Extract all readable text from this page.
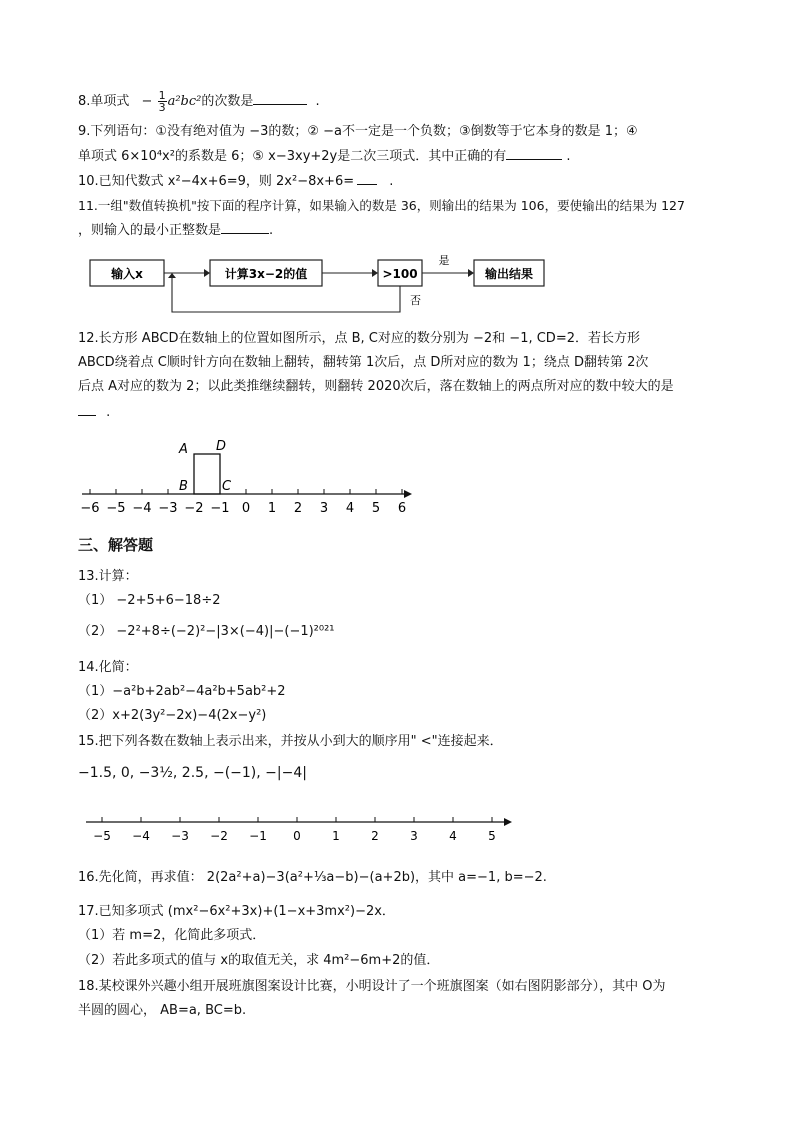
8.单项式 − $\frac{1}{3} a^2bc^2$的次数是	.
9.下列语句：①没有绝对值为 −3的数；② −a不一定是一个负数；③倒数等于它本身的数是 1；④
单项式 6×10⁴x²的系数是 6；⑤ x−3xy+2y是二次三项式．其中正确的有	.
10.已知代数式 x²−4x+6=9，则 2x²−8x+6=	.
11.一组"数值转换机"按下面的程序计算，如果输入的数是 36，则输出的结果为 106，要使输出的结果为 127
，则输入的最小正整数是	.
输入x	计算3x−2的值	>100
是
输出结果
否
12.长方形 ABCD在数轴上的位置如图所示，点 B, C对应的数分别为 −2和 −1, CD=2．若长方形
ABCD绕着点 C顺时针方向在数轴上翻转，翻转第 1次后，点 D所对应的数为 1；绕点 D翻转第 2次
后点 A对应的数为 2；以此类推继续翻转，则翻转 2020次后，落在数轴上的两点所对应的数中较大的是
.
−6 −5 −4 −3 −2 −1 0 1 2 3 4 5 6
A D
B	C
三、解答题
13.计算：
（1） −2+5+6−18÷2
（2） −2²+8÷(−2)²−|3×(−4)|−(−1)²⁰²¹
14.化简：
（1）−a²b+2ab²−4a²b+5ab²+2
（2）x+2(3y²−2x)−4(2x−y²)
15.把下列各数在数轴上表示出来，并按从小到大的顺序用" <"连接起来．
−1.5, 0, −3½, 2.5, −(−1), −|−4|
−5 −4 −3 −2 −1 0	1	2	3	4	5
16.先化简，再求值： 2(2a²+a)−3(a²+⅓a−b)−(a+2b)，其中 a=−1, b=−2.
17.已知多项式 (mx²−6x²+3x)+(1−x+3mx²)−2x．
（1）若 m=2，化简此多项式．
（2）若此多项式的值与 x的取值无关，求 4m²−6m+2的值．
18.某校课外兴趣小组开展班旗图案设计比赛，小明设计了一个班旗图案（如右图阴影部分），其中 O为
半圆的圆心， AB=a, BC=b.
